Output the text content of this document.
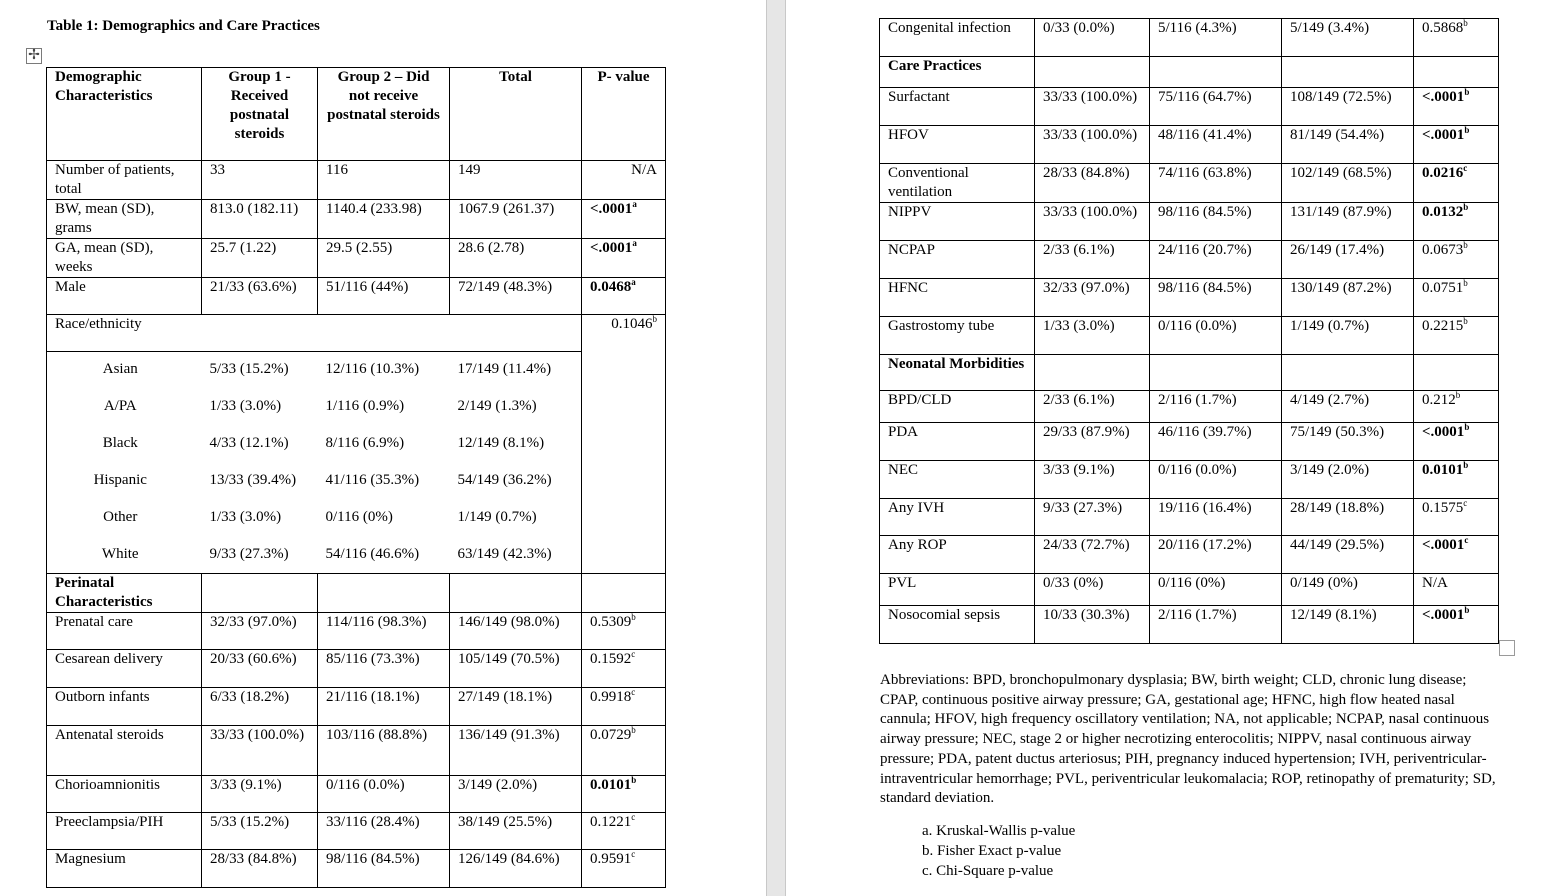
Table 1: Demographics and Care Practices
✢
Demographic Characteristics	Group 1 - Received postnatal steroids	Group 2 – Did not receive postnatal steroids	Total	P- value
Number of patients, total	33	116	149	N/A
BW, mean (SD), grams	813.0 (182.11)	1140.4 (233.98)	1067.9 (261.37)	<.0001$^a$
GA, mean (SD), weeks	25.7 (1.22)	29.5 (2.55)	28.6 (2.78)	<.0001$^a$
Male	21/33 (63.6%)	51/116 (44%)	72/149 (48.3%)	0.0468$^a$
Race/ethnicity				0.1046$^b$
Asian	5/33 (15.2%)	12/116 (10.3%)	17/149 (11.4%)	
A/PA	1/33 (3.0%)	1/116 (0.9%)	2/149 (1.3%)	
Black	4/33 (12.1%)	8/116 (6.9%)	12/149 (8.1%)	
Hispanic	13/33 (39.4%)	41/116 (35.3%)	54/149 (36.2%)	
Other	1/33 (3.0%)	0/116 (0%)	1/149 (0.7%)	
White	9/33 (27.3%)	54/116 (46.6%)	63/149 (42.3%)	
Perinatal Characteristics				
Prenatal care	32/33 (97.0%)	114/116 (98.3%)	146/149 (98.0%)	0.5309$^b$
Cesarean delivery	20/33 (60.6%)	85/116 (73.3%)	105/149 (70.5%)	0.1592$^c$
Outborn infants	6/33 (18.2%)	21/116 (18.1%)	27/149 (18.1%)	0.9918$^c$
Antenatal steroids	33/33 (100.0%)	103/116 (88.8%)	136/149 (91.3%)	0.0729$^b$
Chorioamnionitis	3/33 (9.1%)	0/116 (0.0%)	3/149 (2.0%)	0.0101$^b$
Preeclampsia/PIH	5/33 (15.2%)	33/116 (28.4%)	38/149 (25.5%)	0.1221$^c$
Magnesium	28/33 (84.8%)	98/116 (84.5%)	126/149 (84.6%)	0.9591$^c$
Congenital infection	0/33 (0.0%)	5/116 (4.3%)	5/149 (3.4%)	0.5868$^b$
Care Practices				
Surfactant	33/33 (100.0%)	75/116 (64.7%)	108/149 (72.5%)	<.0001$^b$
HFOV	33/33 (100.0%)	48/116 (41.4%)	81/149 (54.4%)	<.0001$^b$
Conventional ventilation	28/33 (84.8%)	74/116 (63.8%)	102/149 (68.5%)	0.0216$^c$
NIPPV	33/33 (100.0%)	98/116 (84.5%)	131/149 (87.9%)	0.0132$^b$
NCPAP	2/33 (6.1%)	24/116 (20.7%)	26/149 (17.4%)	0.0673$^b$
HFNC	32/33 (97.0%)	98/116 (84.5%)	130/149 (87.2%)	0.0751$^b$
Gastrostomy tube	1/33 (3.0%)	0/116 (0.0%)	1/149 (0.7%)	0.2215$^b$
Neonatal Morbidities				
BPD/CLD	2/33 (6.1%)	2/116 (1.7%)	4/149 (2.7%)	0.212$^b$
PDA	29/33 (87.9%)	46/116 (39.7%)	75/149 (50.3%)	<.0001$^b$
NEC	3/33 (9.1%)	0/116 (0.0%)	3/149 (2.0%)	0.0101$^b$
Any IVH	9/33 (27.3%)	19/116 (16.4%)	28/149 (18.8%)	0.1575$^c$
Any ROP	24/33 (72.7%)	20/116 (17.2%)	44/149 (29.5%)	<.0001$^c$
PVL	0/33 (0%)	0/116 (0%)	0/149 (0%)	N/A
Nosocomial sepsis	10/33 (30.3%)	2/116 (1.7%)	12/149 (8.1%)	<.0001$^b$

Abbreviations: BPD, bronchopulmonary dysplasia; BW, birth weight; CLD, chronic lung disease; CPAP, continuous positive airway pressure; GA, gestational age; HFNC, high flow heated nasal cannula; HFOV, high frequency oscillatory ventilation; NA, not applicable; NCPAP, nasal continuous airway pressure; NEC, stage 2 or higher necrotizing enterocolitis; NIPPV, nasal continuous airway pressure; PDA, patent ductus arteriosus; PIH, pregnancy induced hypertension; IVH, periventricular-intraventricular hemorrhage; PVL, periventricular leukomalacia; ROP, retinopathy of prematurity; SD, standard deviation.

a. Kruskal-Wallis p-value
b. Fisher Exact p-value
c. Chi-Square p-value
